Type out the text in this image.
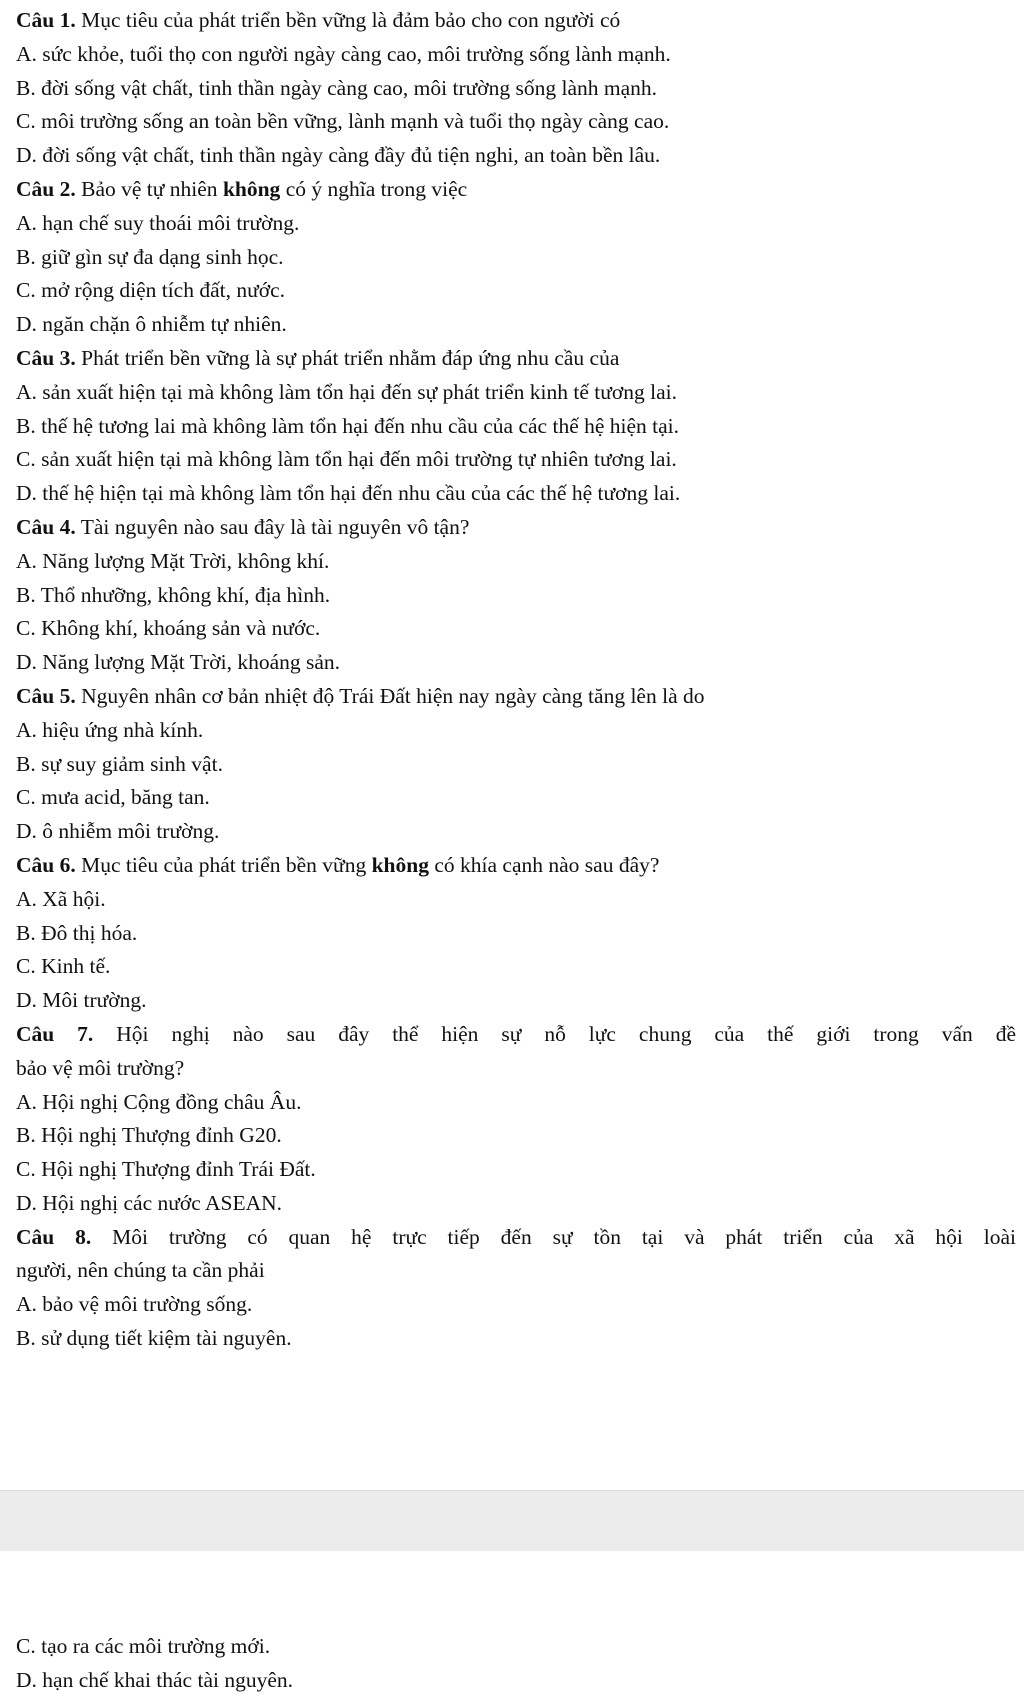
Câu 1. Mục tiêu của phát triển bền vững là đảm bảo cho con người có
A. sức khỏe, tuổi thọ con người ngày càng cao, môi trường sống lành mạnh.
B. đời sống vật chất, tinh thần ngày càng cao, môi trường sống lành mạnh.
C. môi trường sống an toàn bền vững, lành mạnh và tuổi thọ ngày càng cao.
D. đời sống vật chất, tinh thần ngày càng đầy đủ tiện nghi, an toàn bền lâu.
Câu 2. Bảo vệ tự nhiên không có ý nghĩa trong việc
A. hạn chế suy thoái môi trường.
B. giữ gìn sự đa dạng sinh học.
C. mở rộng diện tích đất, nước.
D. ngăn chặn ô nhiễm tự nhiên.
Câu 3. Phát triển bền vững là sự phát triển nhằm đáp ứng nhu cầu của
A. sản xuất hiện tại mà không làm tổn hại đến sự phát triển kinh tế tương lai.
B. thế hệ tương lai mà không làm tổn hại đến nhu cầu của các thế hệ hiện tại.
C. sản xuất hiện tại mà không làm tổn hại đến môi trường tự nhiên tương lai.
D. thế hệ hiện tại mà không làm tổn hại đến nhu cầu của các thế hệ tương lai.
Câu 4. Tài nguyên nào sau đây là tài nguyên vô tận?
A. Năng lượng Mặt Trời, không khí.
B. Thổ nhưỡng, không khí, địa hình.
C. Không khí, khoáng sản và nước.
D. Năng lượng Mặt Trời, khoáng sản.
Câu 5. Nguyên nhân cơ bản nhiệt độ Trái Đất hiện nay ngày càng tăng lên là do
A. hiệu ứng nhà kính.
B. sự suy giảm sinh vật.
C. mưa acid, băng tan.
D. ô nhiễm môi trường.
Câu 6. Mục tiêu của phát triển bền vững không có khía cạnh nào sau đây?
A. Xã hội.
B. Đô thị hóa.
C. Kinh tế.
D. Môi trường.
Câu 7. Hội nghị nào sau đây thể hiện sự nỗ lực chung của thế giới trong vấn đề
bảo vệ môi trường?
A. Hội nghị Cộng đồng châu Âu.
B. Hội nghị Thượng đỉnh G20.
C. Hội nghị Thượng đỉnh Trái Đất.
D. Hội nghị các nước ASEAN.
Câu 8. Môi trường có quan hệ trực tiếp đến sự tồn tại và phát triển của xã hội loài
người, nên chúng ta cần phải
A. bảo vệ môi trường sống.
B. sử dụng tiết kiệm tài nguyên.
C. tạo ra các môi trường mới.
D. hạn chế khai thác tài nguyên.
